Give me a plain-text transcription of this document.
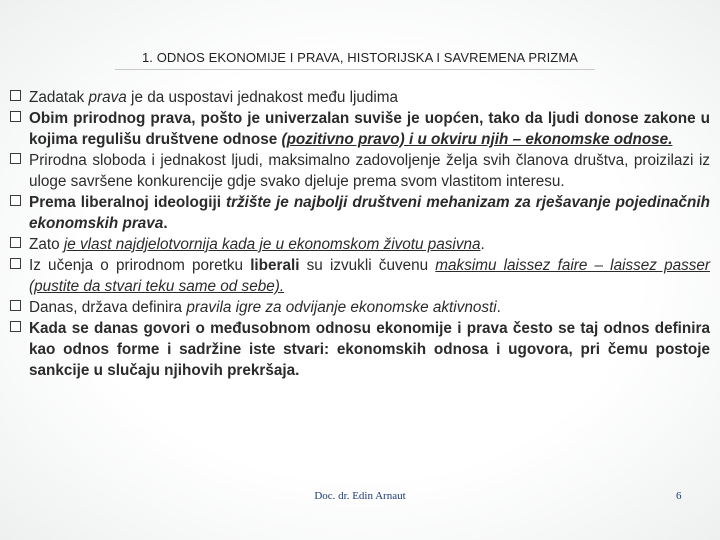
1. ODNOS EKONOMIJE I PRAVA, HISTORIJSKA I SAVREMENA PRIZMA
Zadatak prava je da uspostavi jednakost među ljudima
Obim prirodnog prava, pošto je univerzalan suviše je uopćen, tako da ljudi donose zakone u kojima regulišu društvene odnose (pozitivno pravo) i u okviru njih – ekonomske odnose.
Prirodna sloboda i jednakost ljudi, maksimalno zadovoljenje želja svih članova društva, proizilazi iz uloge savršene konkurencije gdje svako djeluje prema svom vlastitom interesu.
Prema liberalnoj ideologiji tržište je najbolji društveni mehanizam za rješavanje pojedinačnih ekonomskih prava.
Zato je vlast najdjelotvornija kada je u ekonomskom životu pasivna.
Iz učenja o prirodnom poretku liberali su izvukli čuvenu maksimu laissez faire – laissez passer (pustite da stvari teku same od sebe).
Danas, država definira pravila igre za odvijanje ekonomske aktivnosti.
Kada se danas govori o međusobnom odnosu ekonomije i prava često se taj odnos definira kao odnos forme i sadržine iste stvari: ekonomskih odnosa i ugovora, pri čemu postoje sankcije u slučaju njihovih prekršaja.
Doc. dr. Edin Arnaut	6
